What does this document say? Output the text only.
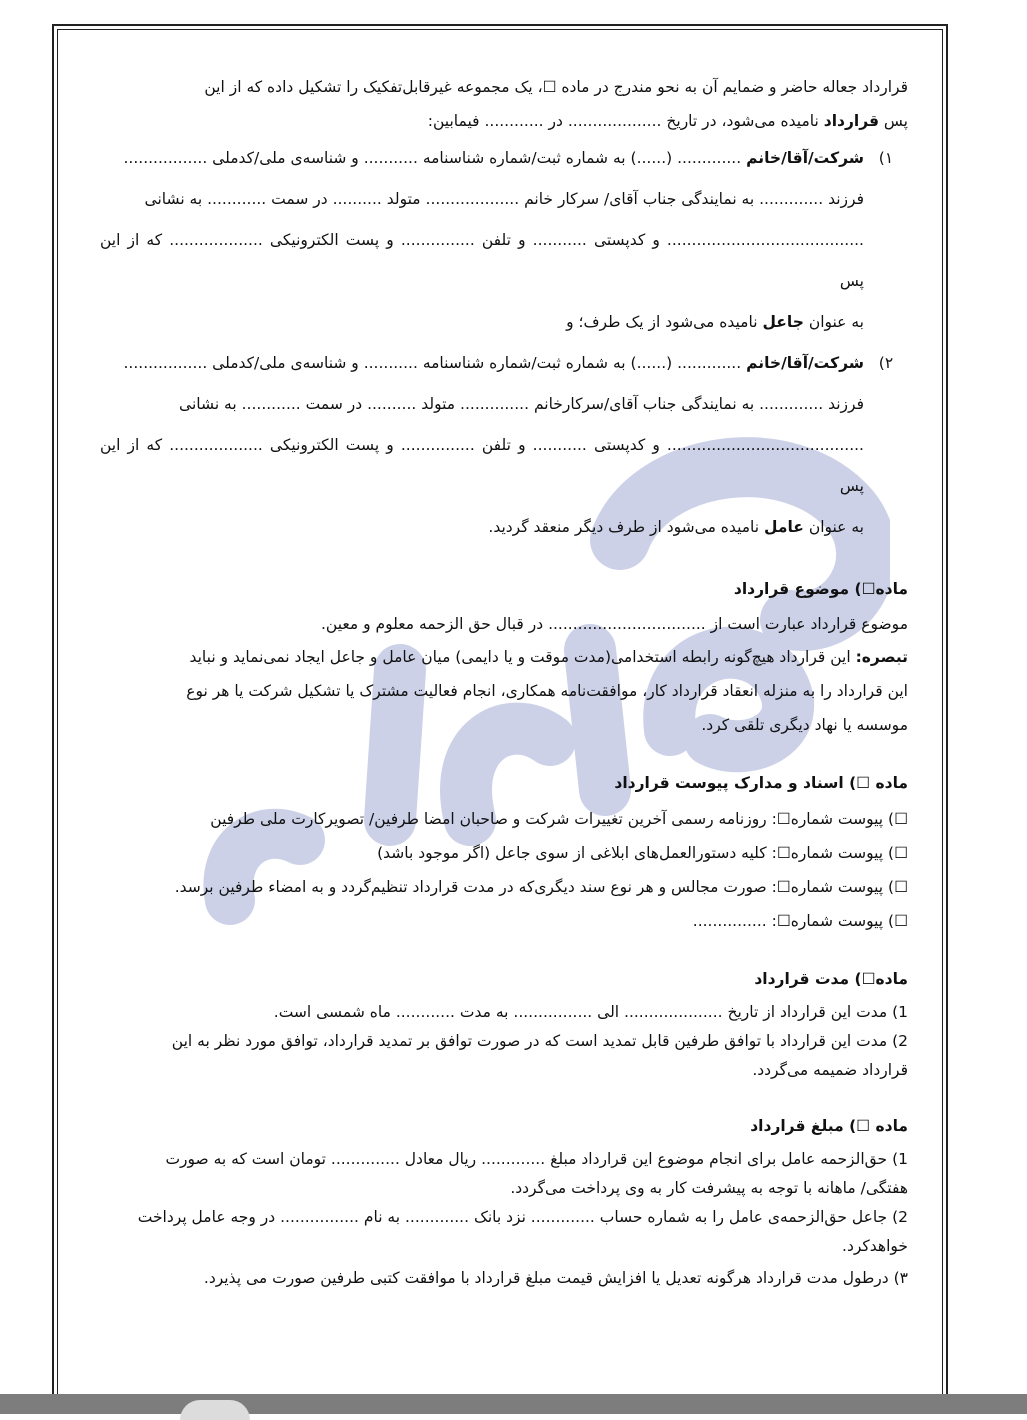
قرارداد جعاله حاضر و ضمایم آن به نحو مندرج در ماده ☐، یک مجموعه غیرقابل‌تفکیک را تشکیل داده که از این
پس قرارداد نامیده می‌شود، در تاریخ ................... در ............ فیمابین:

۱)
شرکت/آقا/خانم ............. (......) به شماره ثبت/شماره شناسنامه ........... و شناسه‌ی ملی/کدملی .................
فرزند ............. به نمایندگی جناب آقای/ سرکار خانم ................... متولد .......... در سمت ............ به نشانی
........................................ و کدپستی ........... و تلفن ............... و پست الکترونیکی ................... که از این پس
به عنوان جاعل نامیده می‌شود از یک طرف؛ و
۲)
شرکت/آقا/خانم ............. (......) به شماره ثبت/شماره شناسنامه ........... و شناسه‌ی ملی/کدملی .................
فرزند ............. به نمایندگی جناب آقای/سرکارخانم .............. متولد .......... در سمت ............ به نشانی
........................................ و کدپستی ........... و تلفن ............... و پست الکترونیکی ................... که از این پس
به عنوان عامل نامیده می‌شود از طرف دیگر منعقد گردید.
ماده☐) موضوع قرارداد

موضوع قرارداد عبارت است از ................................ در قبال حق الزحمه معلوم و معین.

تبصره: این قرارداد هیچ‌گونه رابطه استخدامی(مدت موقت و یا دایمی) میان عامل و جاعل ایجاد نمی‌نماید و نباید
این قرارداد را به منزله انعقاد قرارداد کار، موافقت‌نامه همکاری، انجام فعالیت مشترک یا تشکیل شرکت یا هر نوع
موسسه یا نهاد دیگری تلقی کرد.

ماده ☐) اسناد و مدارک پیوست قرارداد

☐) پیوست شماره☐: روزنامه رسمی آخرین تغییرات شرکت و صاحبان امضا طرفین/ تصویرکارت ملی طرفین

☐) پیوست شماره☐: کلیه دستورالعمل‌های ابلاغی از سوی جاعل (اگر موجود باشد)

☐) پیوست شماره☐: صورت مجالس و هر نوع سند دیگری‌که در مدت قرارداد تنظیم‌گردد و به امضاء طرفین برسد.

☐) پیوست شماره☐: ...............

ماده☐) مدت قرارداد

1) مدت این قرارداد از تاریخ .................... الی ................ به مدت ............ ماه شمسی است.

2) مدت این قرارداد با توافق طرفین قابل تمدید است که در صورت توافق بر تمدید قرارداد، توافق مورد نظر به این
قرارداد ضمیمه می‌گردد.

ماده ☐) مبلغ قرارداد

1) حق‌الزحمه عامل برای انجام موضوع این قرارداد مبلغ ............. ریال معادل .............. تومان است که به صورت
هفتگی/ ماهانه با توجه به پیشرفت کار به وی پرداخت می‌گردد.

2) جاعل حق‌الزحمه‌ی عامل را به شماره حساب ............. نزد بانک ............. به نام ................ در وجه عامل پرداخت
خواهدکرد.

۳) درطول مدت قرارداد هرگونه تعدیل یا افزایش قیمت مبلغ قرارداد با موافقت کتبی طرفین صورت می پذیرد.
